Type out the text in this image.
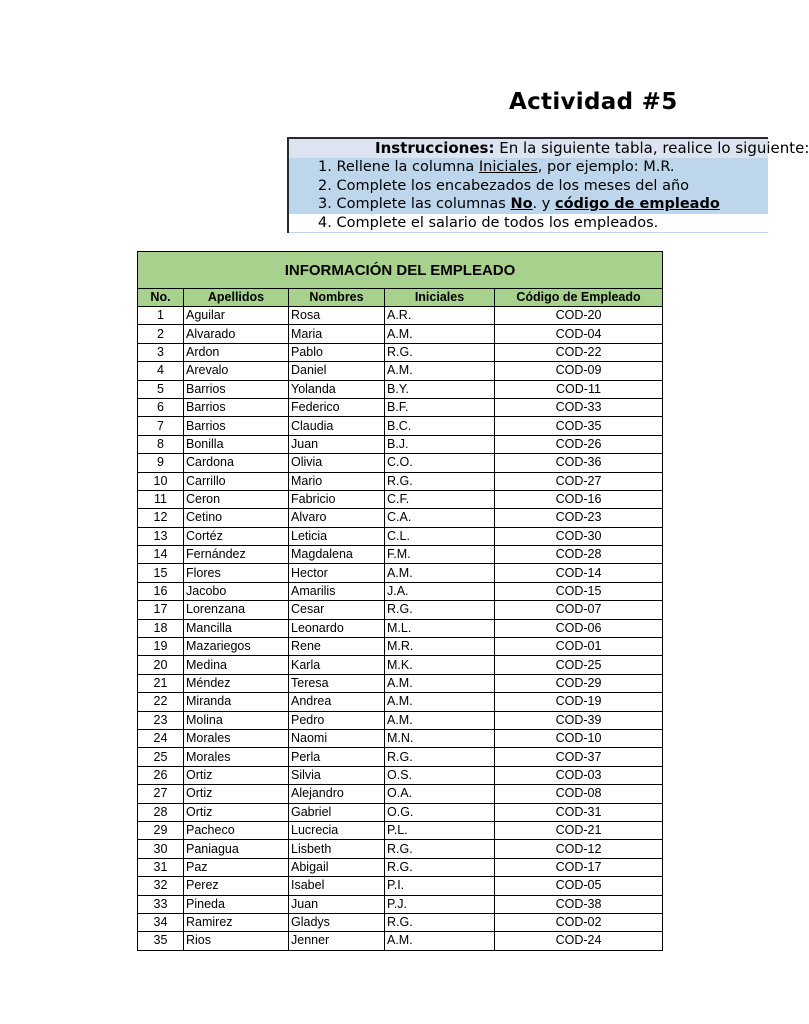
Actividad #5
Instrucciones: En la siguiente tabla, realice lo siguiente:
1. Rellene la columna Iniciales, por ejemplo: M.R.
2. Complete los encabezados de los meses del año
3. Complete las columnas No. y código de empleado
4. Complete el salario de todos los empleados.
INFORMACIÓN DEL EMPLEADO				
No.	Apellidos	Nombres	Iniciales	Código de Empleado
1	Aguilar	Rosa	A.R.	COD-20
2	Alvarado	Maria	A.M.	COD-04
3	Ardon	Pablo	R.G.	COD-22
4	Arevalo	Daniel	A.M.	COD-09
5	Barrios	Yolanda	B.Y.	COD-11
6	Barrios	Federico	B.F.	COD-33
7	Barrios	Claudia	B.C.	COD-35
8	Bonilla	Juan	B.J.	COD-26
9	Cardona	Olivia	C.O.	COD-36
10	Carrillo	Mario	R.G.	COD-27
11	Ceron	Fabricio	C.F.	COD-16
12	Cetino	Alvaro	C.A.	COD-23
13	Cortéz	Leticia	C.L.	COD-30
14	Fernández	Magdalena	F.M.	COD-28
15	Flores	Hector	A.M.	COD-14
16	Jacobo	Amarilis	J.A.	COD-15
17	Lorenzana	Cesar	R.G.	COD-07
18	Mancilla	Leonardo	M.L.	COD-06
19	Mazariegos	Rene	M.R.	COD-01
20	Medina	Karla	M.K.	COD-25
21	Méndez	Teresa	A.M.	COD-29
22	Miranda	Andrea	A.M.	COD-19
23	Molina	Pedro	A.M.	COD-39
24	Morales	Naomi	M.N.	COD-10
25	Morales	Perla	R.G.	COD-37
26	Ortiz	Silvia	O.S.	COD-03
27	Ortiz	Alejandro	O.A.	COD-08
28	Ortiz	Gabriel	O.G.	COD-31
29	Pacheco	Lucrecia	P.L.	COD-21
30	Paniagua	Lisbeth	R.G.	COD-12
31	Paz	Abigail	R.G.	COD-17
32	Perez	Isabel	P.I.	COD-05
33	Pineda	Juan	P.J.	COD-38
34	Ramirez	Gladys	R.G.	COD-02
35	Rios	Jenner	A.M.	COD-24
